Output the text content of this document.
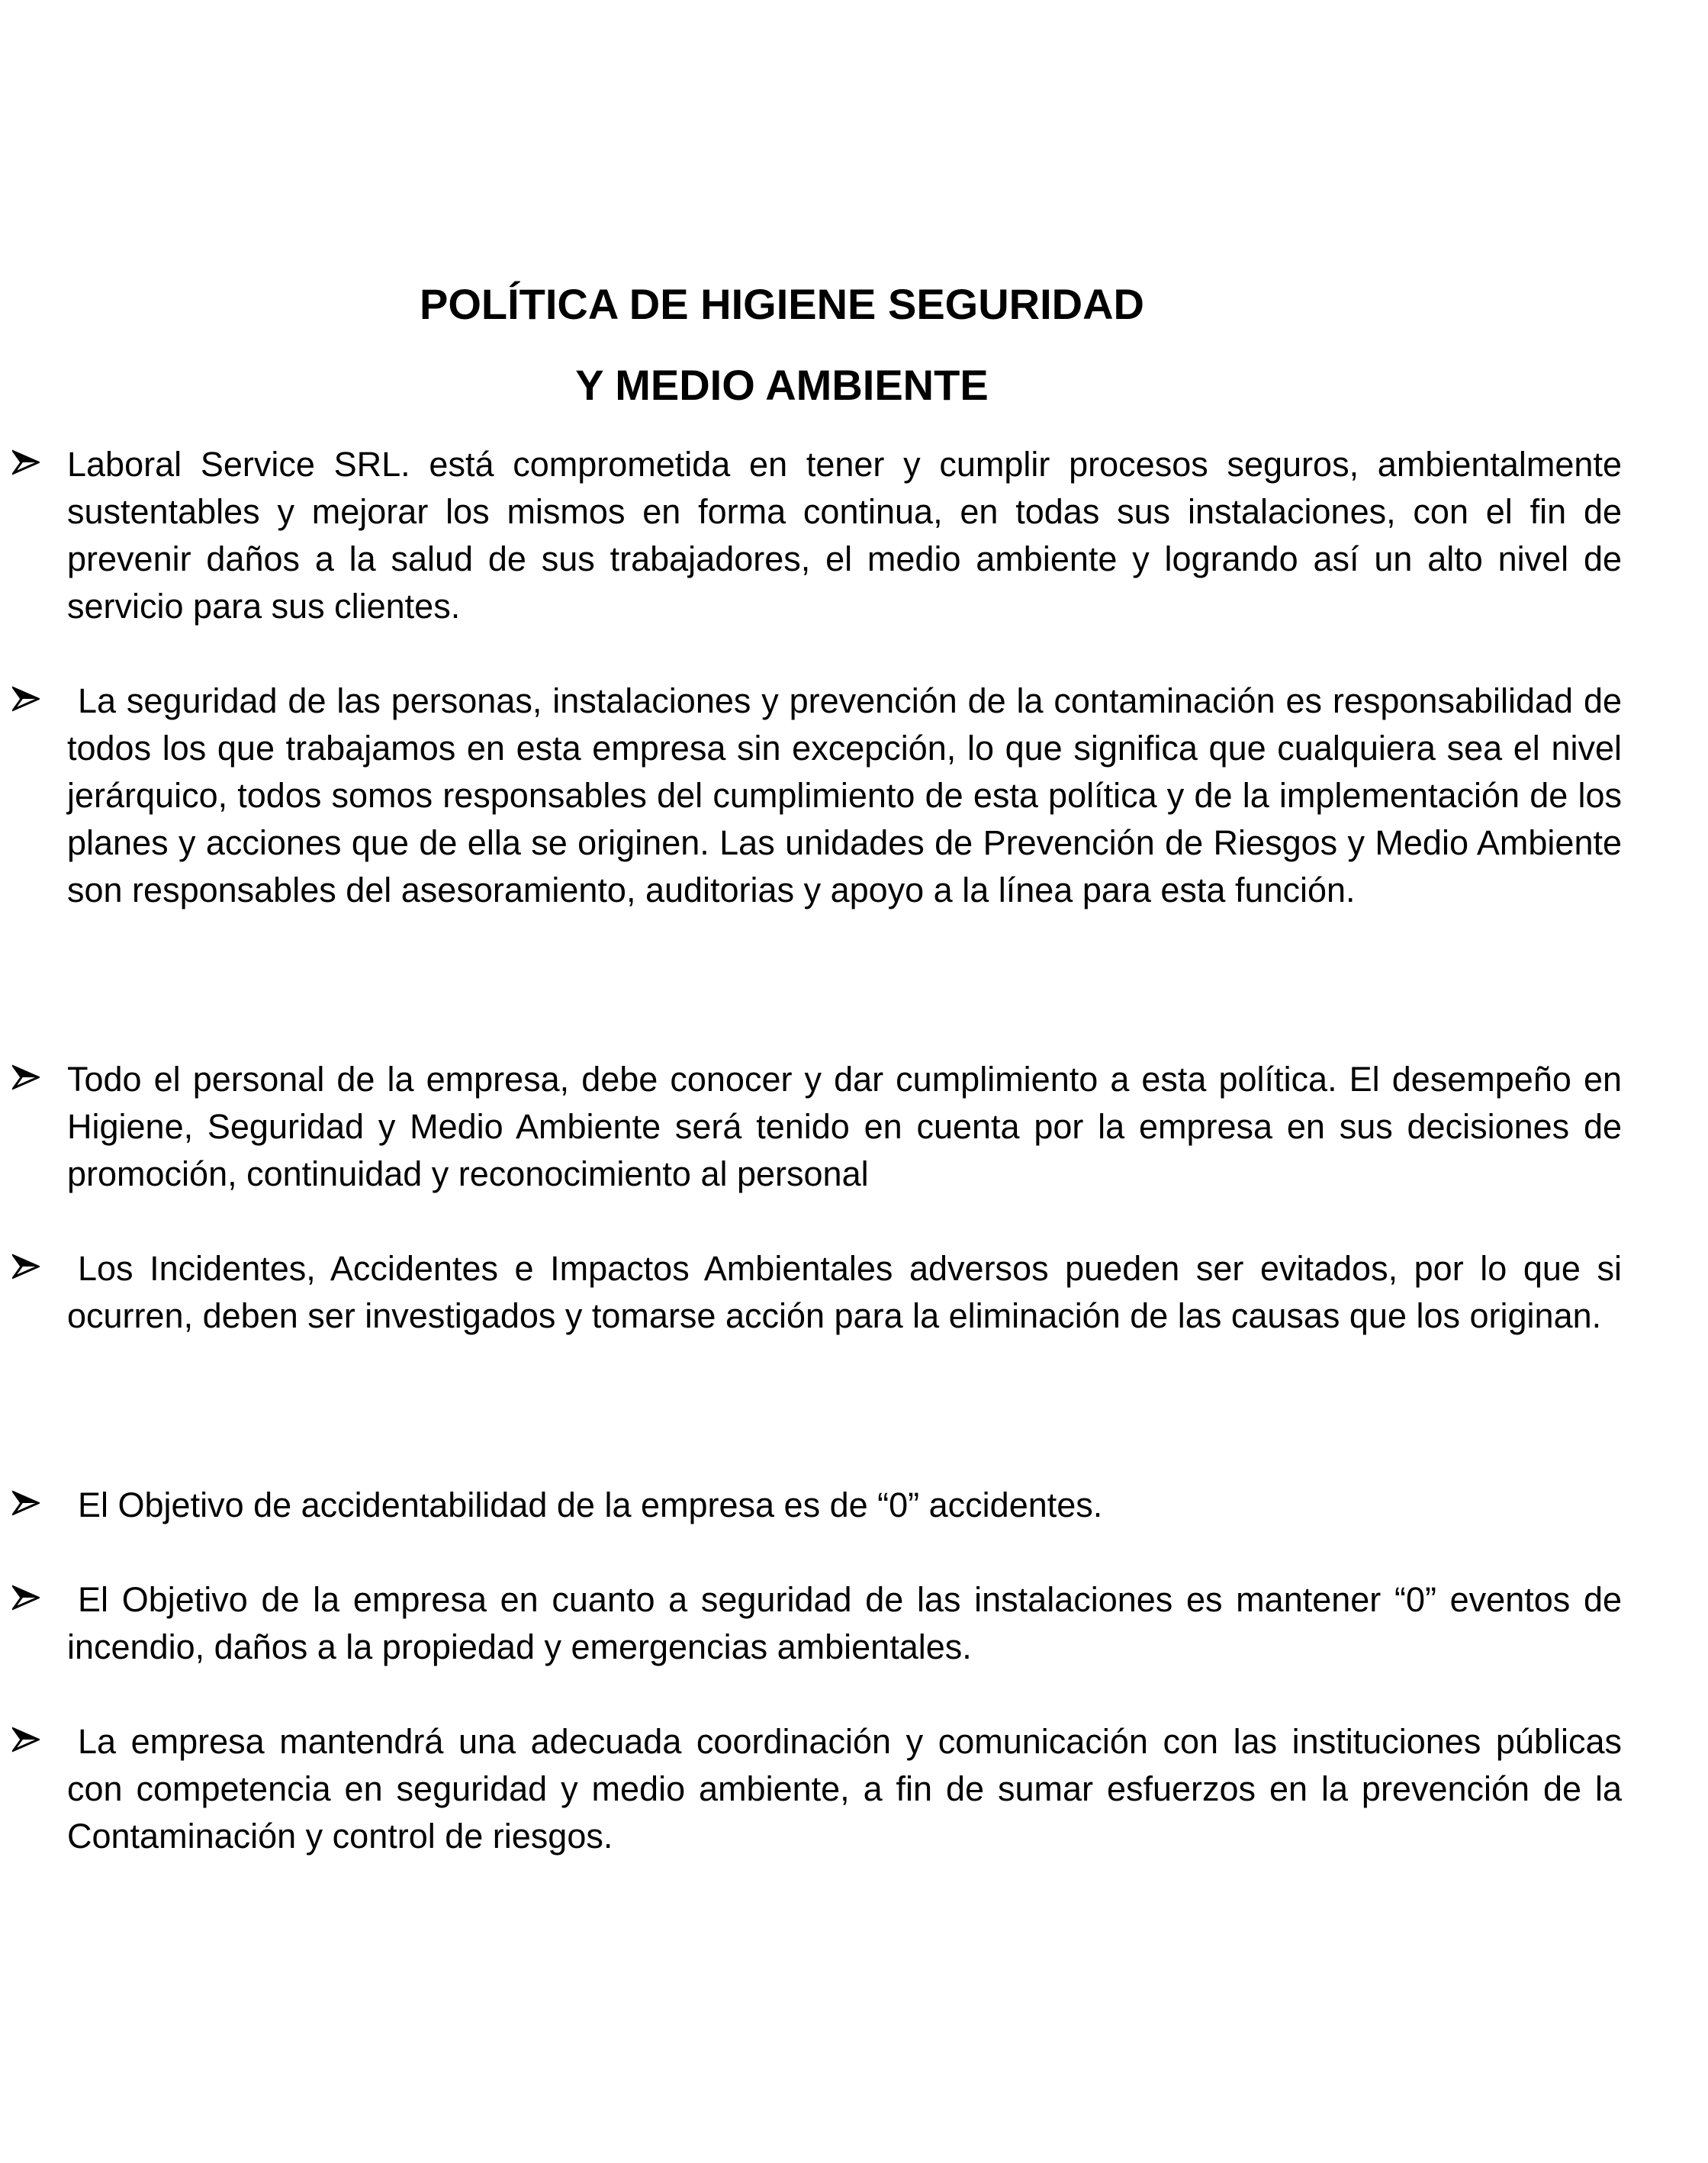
POLÍTICA DE HIGIENE SEGURIDAD
Y MEDIO AMBIENTE
Laboral Service SRL. está comprometida en tener y cumplir procesos seguros, ambientalmente sustentables y mejorar los mismos en forma continua, en todas sus instalaciones, con el fin de prevenir daños a la salud de sus trabajadores, el medio ambiente y logrando así un alto nivel de servicio para sus clientes.
La seguridad de las personas, instalaciones y prevención de la contaminación es responsabilidad de todos los que trabajamos en esta empresa sin excepción, lo que significa que cualquiera sea el nivel jerárquico, todos somos responsables del cumplimiento de esta política y de la implementación de los planes y acciones que de ella se originen. Las unidades de Prevención de Riesgos y Medio Ambiente son responsables del asesoramiento, auditorias y apoyo a la línea para esta función.
Todo el personal de la empresa, debe conocer y dar cumplimiento a esta política. El desempeño en Higiene, Seguridad y Medio Ambiente será tenido en cuenta por la empresa en sus decisiones de promoción, continuidad y reconocimiento al personal
Los Incidentes, Accidentes e Impactos Ambientales adversos pueden ser evitados, por lo que si ocurren, deben ser investigados y tomarse acción para la eliminación de las causas que los originan.
El Objetivo de accidentabilidad de la empresa es de “0” accidentes.
El Objetivo de la empresa en cuanto a seguridad de las instalaciones es mantener “0” eventos de incendio, daños a la propiedad y emergencias ambientales.
La empresa mantendrá una adecuada coordinación y comunicación con las instituciones públicas con competencia en seguridad y medio ambiente, a fin de sumar esfuerzos en la prevención de la Contaminación y control de riesgos.
